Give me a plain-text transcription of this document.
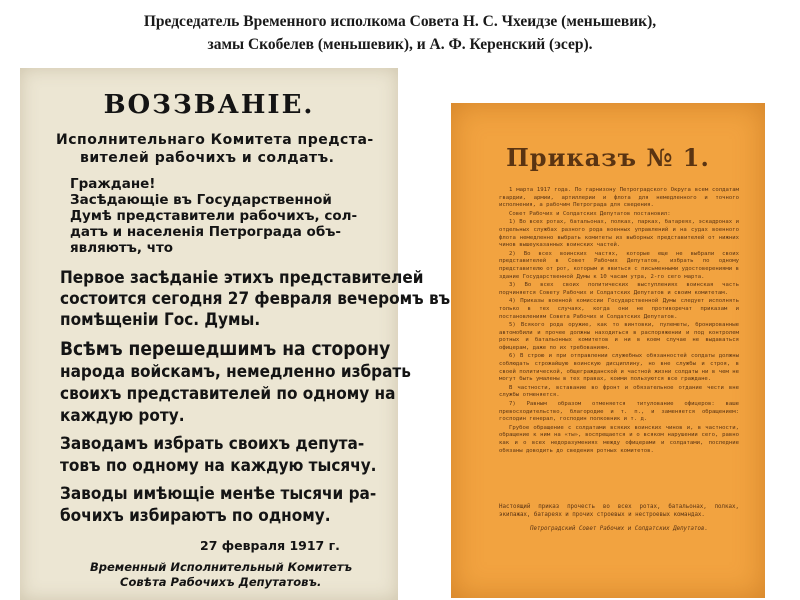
Председатель Временного исполкома Совета Н. С. Чхеидзе (меньшевик),
замы Скобелев (меньшевик), и А. Ф. Керенский (эсер).
ВОЗЗВАНІЕ.
Исполнительнаго Комитета предста-
вителей рабочихъ и солдатъ.
Граждане!
Засѣдающіе въ Государственной
Думѣ представители рабочихъ, сол-
датъ и населенія Петрограда объ-
являютъ, что
Первое засѣданіе этихъ представителей
состоится сегодня 27 февраля вечеромъ въ
помѣщеніи Гос. Думы.
Всѣмъ перешедшимъ на сторону
народа войскамъ, немедленно избрать
своихъ представителей по одному на
каждую роту.
Заводамъ избрать своихъ депута-
товъ по одному на каждую тысячу.
Заводы имѣющіе менѣе тысячи ра-
бочихъ избираютъ по одному.
27 февраля 1917 г.
Временный Исполнительный Комитетъ
Совѣта Рабочихъ Депутатовъ.
Приказъ № 1.

1 марта 1917 года. По гарнизону Петроградского Округа всем солдатам гвардии, армии, артиллерии и флота для немедленного и точного исполнения, а рабочим Петрограда для сведения.

Совет Рабочих и Солдатских Депутатов постановил:

1) Во всех ротах, батальонах, полках, парках, батареях, эскадронах и отдельных службах разного рода военных управлений и на судах военного флота немедленно выбрать комитеты из выборных представителей от нижних чинов вышеуказанных воинских частей.

2) Во всех воинских частях, которые еще не выбрали своих представителей в Совет Рабочих Депутатов, избрать по одному представителю от рот, которым и явиться с письменными удостоверениями в здание Государственной Думы к 10 часам утра, 2-го сего марта.

3) Во всех своих политических выступлениях воинская часть подчиняется Совету Рабочих и Солдатских Депутатов и своим комитетам.

4) Приказы военной комиссии Государственной Думы следует исполнять только в тех случаях, когда они не противоречат приказам и постановлениям Совета Рабочих и Солдатских Депутатов.

5) Всякого рода оружие, как то винтовки, пулеметы, бронированные автомобили и прочее должны находиться в распоряжении и под контролем ротных и батальонных комитетов и ни в коем случае не выдаваться офицерам, даже по их требованиям.

6) В строю и при отправлении служебных обязанностей солдаты должны соблюдать строжайшую воинскую дисциплину, но вне службы и строя, в своей политической, общегражданской и частной жизни солдаты ни в чем не могут быть умалены в тех правах, коими пользуются все граждане.

В частности, вставание во фронт и обязательное отдание чести вне службы отменяется.

7) Равным образом отменяется титулование офицеров: ваше превосходительство, благородие и т. п., и заменяется обращением: господин генерал, господин полковник и т. д.

Грубое обращение с солдатами всяких воинских чинов и, в частности, обращение к ним на «ты», воспрещается и о всяком нарушении сего, равно как и о всех недоразумениях между офицерами и солдатами, последние обязаны доводить до сведения ротных комитетов.

Настоящий приказ прочесть во всех ротах, батальонах, полках, экипажах, батареях и прочих строевых и нестроевых командах.
Петроградский Совет Рабочих и Солдатских Депутатов.
